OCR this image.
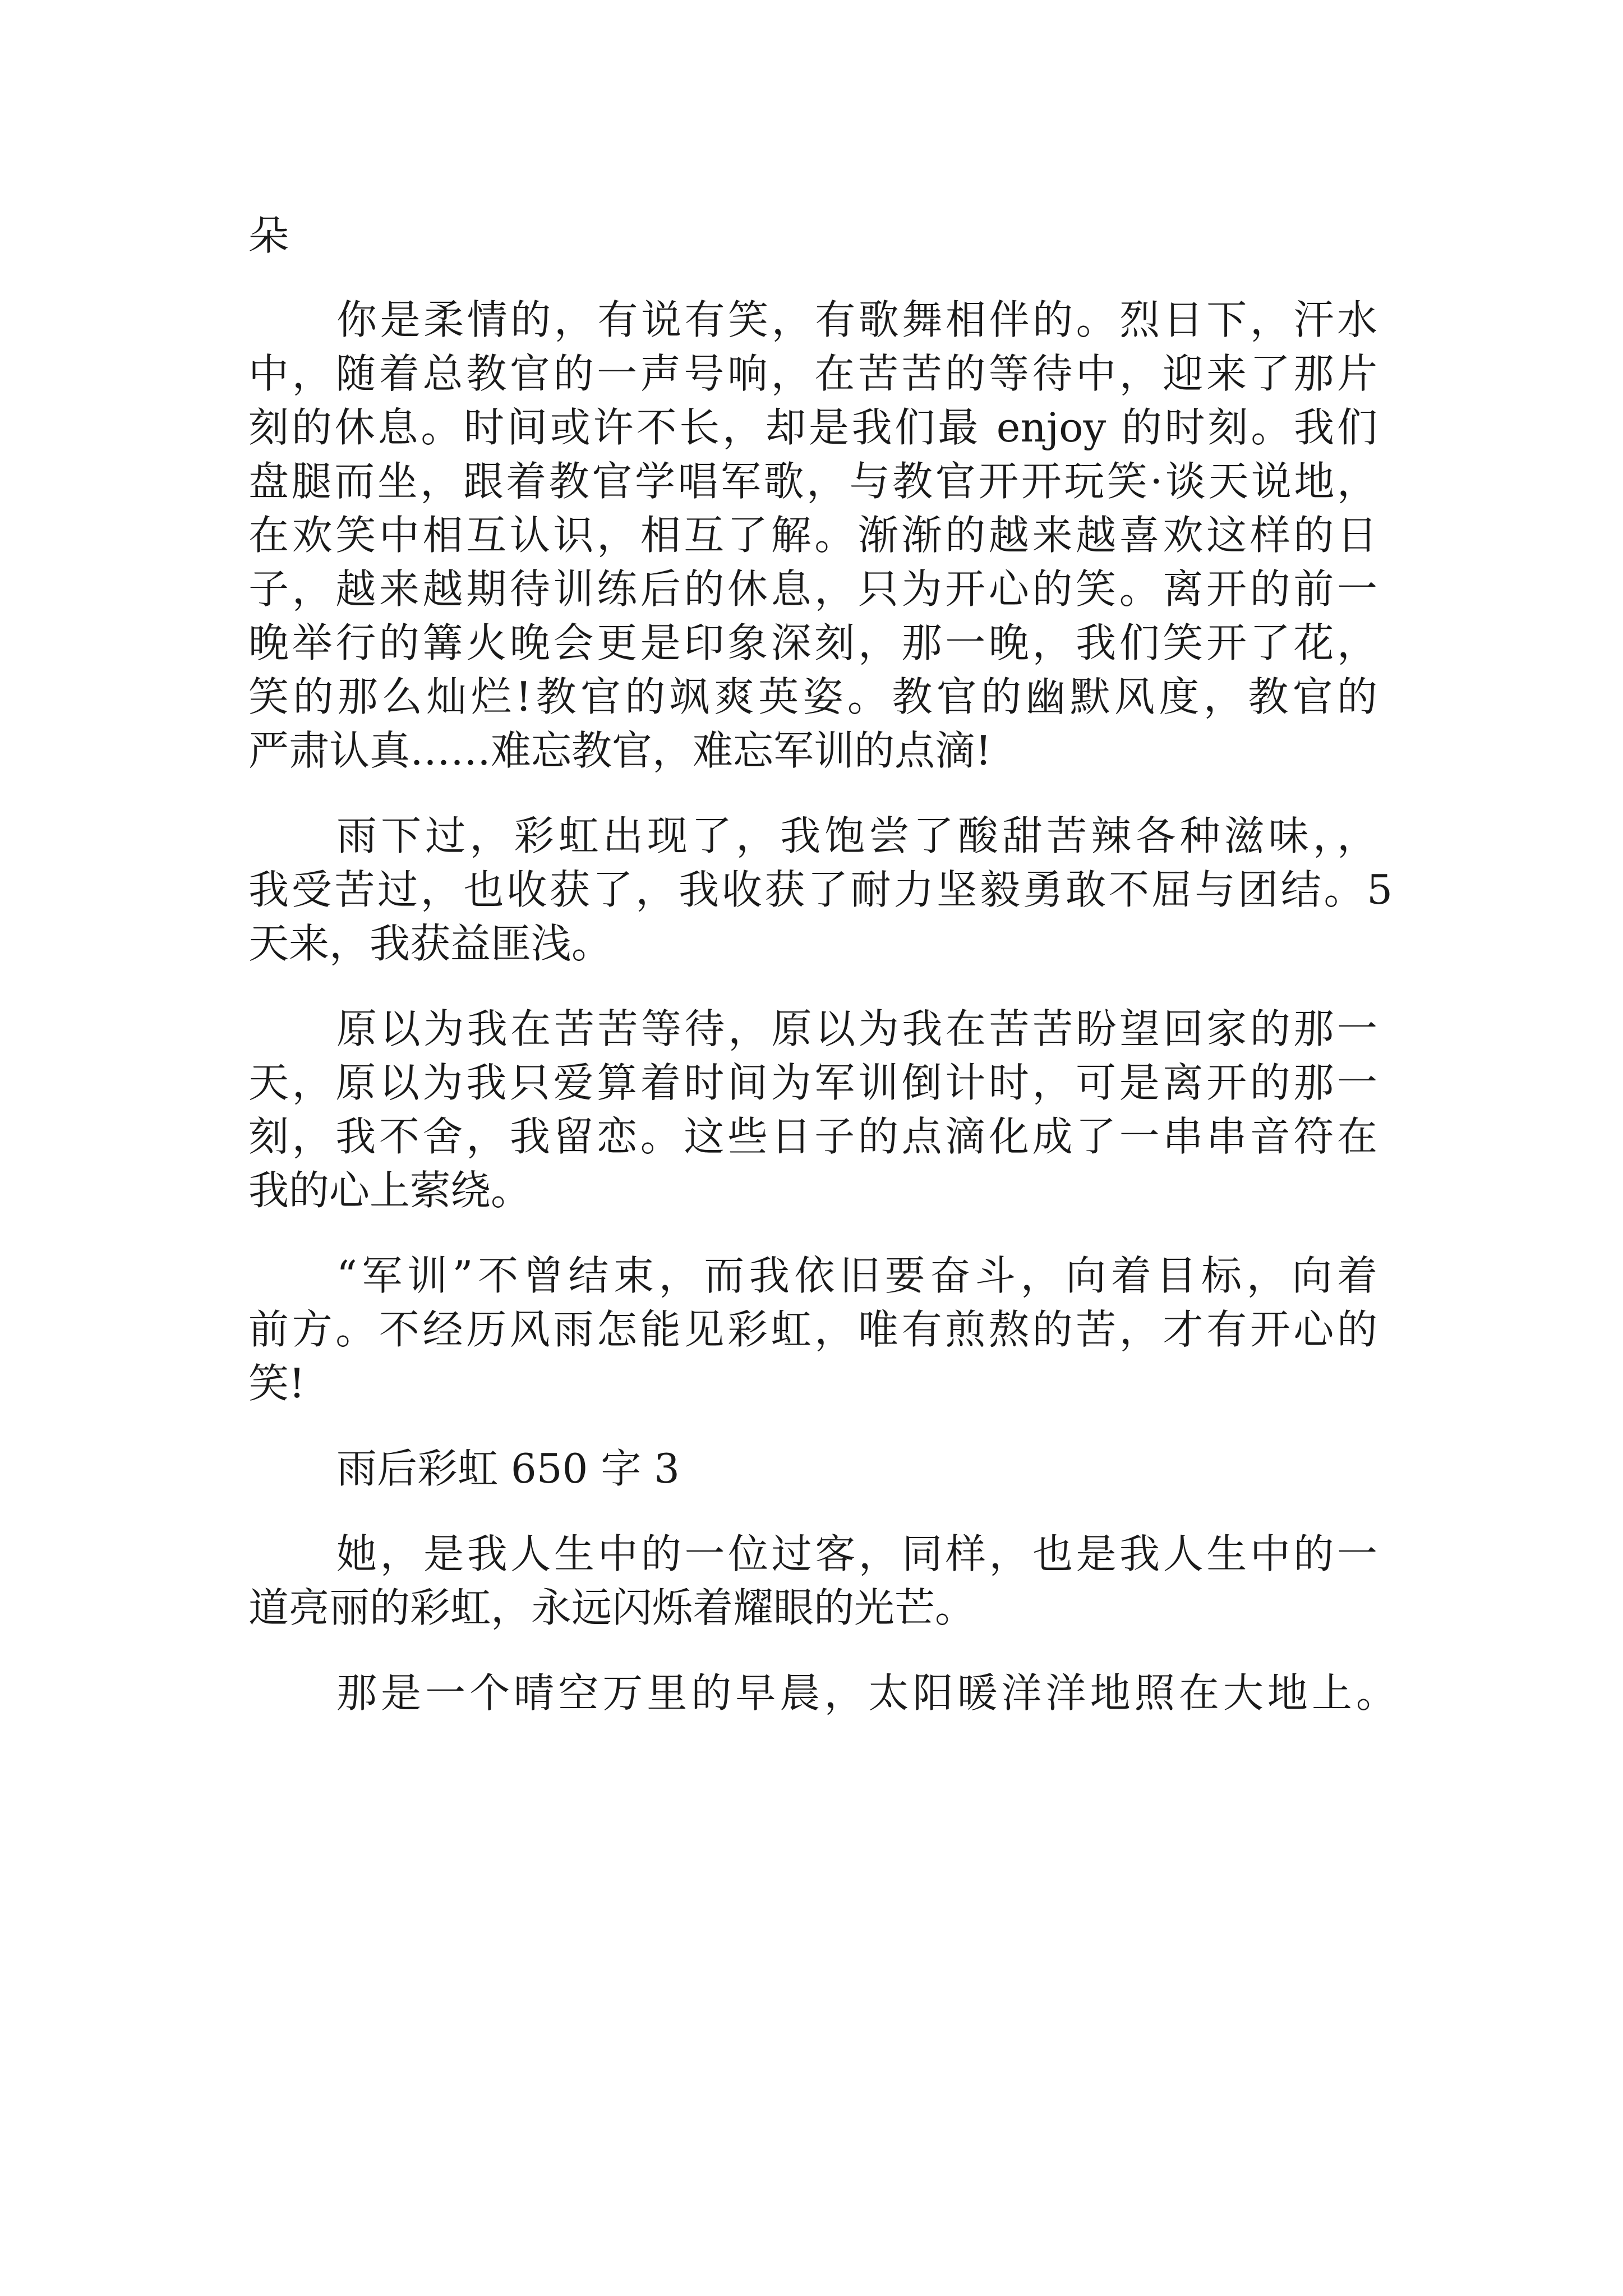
朵

你是柔情的，有说有笑，有歌舞相伴的。烈日下，汗水

中，随着总教官的一声号响，在苦苦的等待中，迎来了那片

刻的休息。时间或许不长，却是我们最 enjoy 的时刻。我们

盘腿而坐，跟着教官学唱军歌，与教官开开玩笑·谈天说地，

在欢笑中相互认识，相互了解。渐渐的越来越喜欢这样的日

子，越来越期待训练后的休息，只为开心的笑。离开的前一

晚举行的篝火晚会更是印象深刻，那一晚，我们笑开了花，

笑的那么灿烂!教官的飒爽英姿。教官的幽默风度，教官的

严肃认真……难忘教官，难忘军训的点滴!

雨下过，彩虹出现了，我饱尝了酸甜苦辣各种滋味，，

我受苦过，也收获了，我收获了耐力坚毅勇敢不屈与团结。5

天来，我获益匪浅。

原以为我在苦苦等待，原以为我在苦苦盼望回家的那一

天，原以为我只爱算着时间为军训倒计时，可是离开的那一

刻，我不舍，我留恋。这些日子的点滴化成了一串串音符在

我的心上萦绕。

“军训”不曾结束，而我依旧要奋斗，向着目标，向着

前方。不经历风雨怎能见彩虹，唯有煎熬的苦，才有开心的

笑!

雨后彩虹 650 字 3

她，是我人生中的一位过客，同样，也是我人生中的一

道亮丽的彩虹，永远闪烁着耀眼的光芒。

那是一个晴空万里的早晨，太阳暖洋洋地照在大地上。
